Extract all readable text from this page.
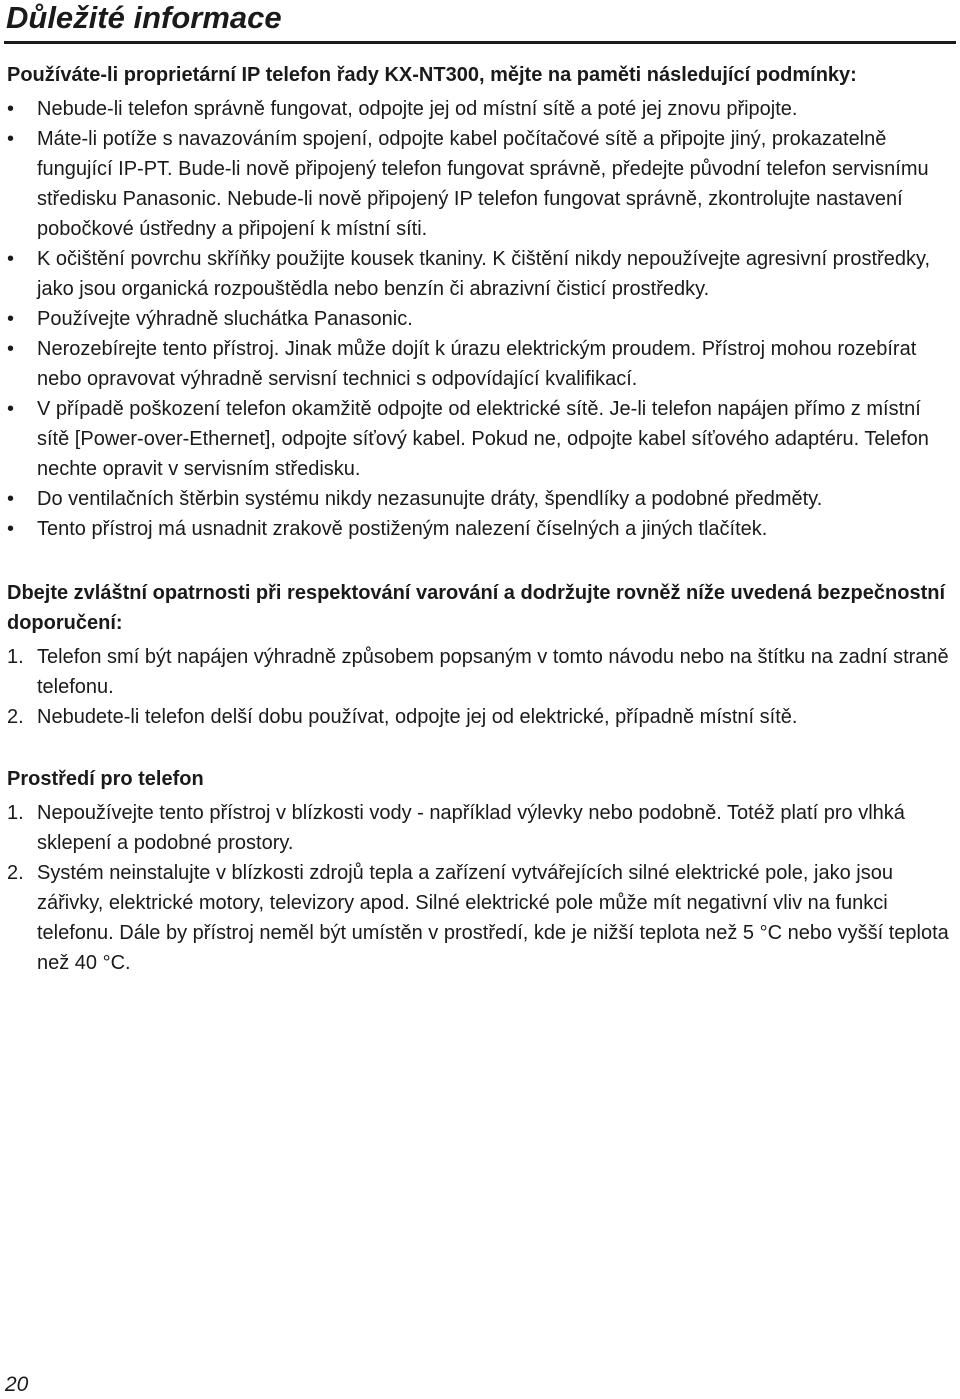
Důležité informace
Používáte-li proprietární IP telefon řady KX-NT300, mějte na paměti následující podmínky:
•	Nebude-li telefon správně fungovat, odpojte jej od místní sítě a poté jej znovu připojte.
•	Máte-li potíže s navazováním spojení, odpojte kabel počítačové sítě a připojte jiný, prokazatelně fungující IP-PT. Bude-li nově připojený telefon fungovat správně, předejte původní telefon servisnímu středisku Panasonic. Nebude-li nově připojený IP telefon fungovat správně, zkontrolujte nastavení pobočkové ústředny a připojení k místní síti.
•	K očištění povrchu skříňky použijte kousek tkaniny. K čištění nikdy nepoužívejte agresivní prostředky, jako jsou organická rozpouštědla nebo benzín či abrazivní čisticí prostředky.
•	Používejte výhradně sluchátka Panasonic.
•	Nerozebírejte tento přístroj. Jinak může dojít k úrazu elektrickým proudem. Přístroj mohou rozebírat nebo opravovat výhradně servisní technici s odpovídající kvalifikací.
•	V případě poškození telefon okamžitě odpojte od elektrické sítě. Je-li telefon napájen přímo z místní sítě [Power-over-Ethernet], odpojte síťový kabel. Pokud ne, odpojte kabel síťového adaptéru. Telefon nechte opravit v servisním středisku.
•	Do ventilačních štěrbin systému nikdy nezasunujte dráty, špendlíky a podobné předměty.
•	Tento přístroj má usnadnit zrakově postiženým nalezení číselných a jiných tlačítek.
Dbejte zvláštní opatrnosti při respektování varování a dodržujte rovněž níže uvedená bezpečnostní doporučení:
1. Telefon smí být napájen výhradně způsobem popsaným v tomto návodu nebo na štítku na zadní straně telefonu.
2. Nebudete-li telefon delší dobu používat, odpojte jej od elektrické, případně místní sítě.
Prostředí pro telefon
1. Nepoužívejte tento přístroj v blízkosti vody - například výlevky nebo podobně. Totéž platí pro vlhká sklepení a podobné prostory.
2. Systém neinstalujte v blízkosti zdrojů tepla a zařízení vytvářejících silné elektrické pole, jako jsou zářivky, elektrické motory, televizory apod. Silné elektrické pole může mít negativní vliv na funkci telefonu. Dále by přístroj neměl být umístěn v prostředí, kde je nižší teplota než 5 °C nebo vyšší teplota než 40 °C.
20
